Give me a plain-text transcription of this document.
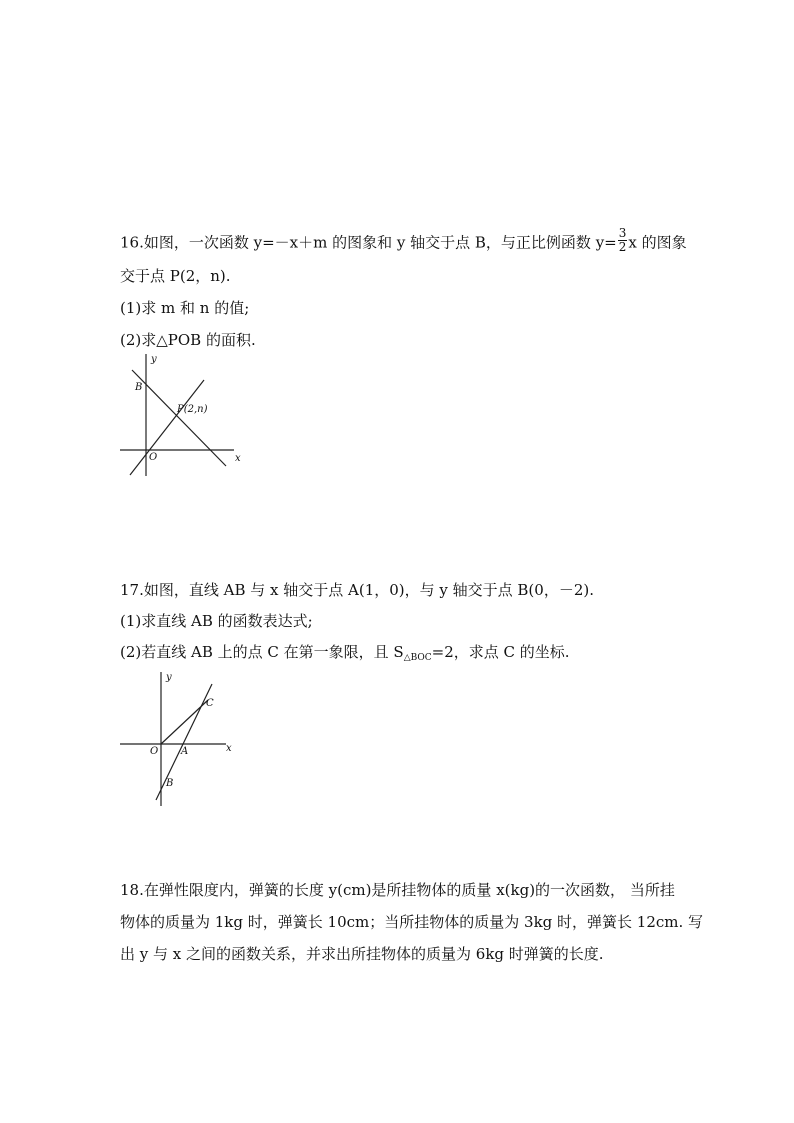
16.如图，一次函数 y=－x＋m 的图象和 y 轴交于点 B，与正比例函数 $y= \frac{3}{2}$ x 的图象
交于点 P(2，n).
(1)求 m 和 n 的值;
(2)求△POB 的面积.
y
x
B
O
P(2,n)
17.如图，直线 AB 与 x 轴交于点 A(1，0)，与 y 轴交于点 B(0，－2).
(1)求直线 AB 的函数表达式;
(2)若直线 AB 上的点 C 在第一象限，且 $S_{\triangle BOC}=2$，求点 C 的坐标.
y
x
O A
B
C
18.在弹性限度内，弹簧的长度 y(cm)是所挂物体的质量 x(kg)的一次函数， 当所挂
物体的质量为 1kg 时，弹簧长 10cm；当所挂物体的质量为 3kg 时，弹簧长 12cm. 写
出 y 与 x 之间的函数关系，并求出所挂物体的质量为 6kg 时弹簧的长度.
